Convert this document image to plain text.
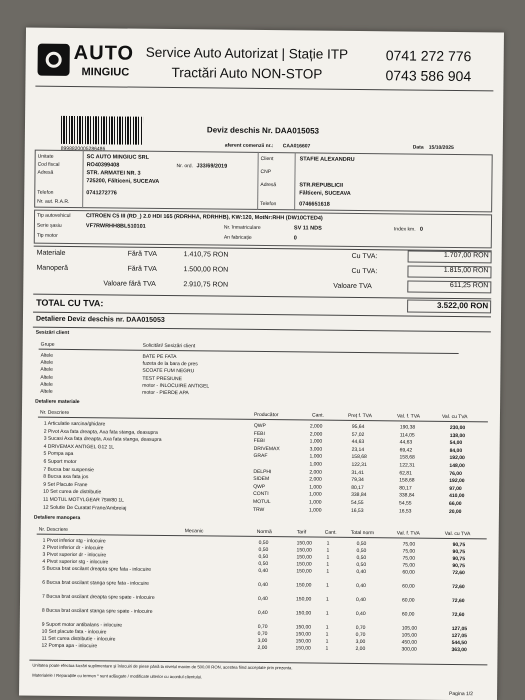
AUTO
MINGIUC
Service Auto Autorizat | Stație ITP
Tractări Auto NON-STOP
0741 272 776
0743 586 904
8998820005286486
Deviz deschis Nr. DAA015053
aferent comenzii nr.: CAA016607	Data 15/10/2025
Unitate	SC AUTO MINGIUC SRL
Cod fiscal	RO40399408	Nr. ord. J33/69/2019
Adresă	STR. ARMATEI NR. 3
725200, Fălticeni, SUCEAVA
Telefon	0741272776
Nr. aut. R.A.R.
Client	STAFIE ALEXANDRU
CNP
Adresă	STR.REPUBLICII
Fălticeni, SUCEAVA
Telefon	0746651618
Tip autovehicul	CITROEN C5 III (RD_) 2.0 HDI 165 (RDRHHA, RDRHHB), KW:120, MotNr:RHH (DW10CTED4)
Serie șasiu	VF7RWRHH8BL510101	Nr. înmatriculare	SV 11 NDS	Index km. 0
Tip motor	An fabricație	0
Materiale	Fără TVA	1.410,75 RON	Cu TVA:	1.707,00 RON
Manoperă	Fără TVA	1.500,00 RON	Cu TVA:	1.815,00 RON
Valoare fără TVA	2.910,75 RON	Valoare TVA	611,25 RON
TOTAL CU TVA:	3.522,00 RON
Detaliere Deviz deschis nr. DAA015053
Sesizări client
Grupe	Solicitări/ Sesizări client
Altele	BATE PE FATA
Altele	fuzeta de la bara de pres
Altele	SCOATE FUM NEGRU
Altele	TEST PRESIUNE
Altele	motor - INLOCUIRE ANTIGEL
Altele	motor - PIERDE APA
Detaliere materiale
Nr. Descriere	Producător	Cant.	Preț f. TVA	Val. f. TVA	Val. cu TVA
1 Articulatie sarcina/ghidare	QWP	2,000	95,64	190,38	230,00
2 Pivot Axa fata dreapta, Axa fata stanga, deasupra	FEBI	2,000	57,02	114,05	138,00
3 Sucasi Axa fata dreapta, Axa fata stanga, deasupra	FEBI	1,000	44,63	44,63	54,00
4 DRIVEMAX ANTIGEL G12 1L	DRIVEMAX	3,000	23,14	69,42	84,00
5 Pompa apa	GRAF	1,000	158,68	158,68	192,00
6 Suport motor	1,000	122,31	122,31	148,00
7 Bucsa bar suspensie	DELPHI	2,000	31,41	62,81	76,00
8 Bucsa axa fata jos	SIDEM	2,000	79,34	158,68	192,00
9 Set Placute Frane	QWP	1,000	80,17	80,17	97,00
10 Set curea de distributie	CONTI	1,000	338,84	338,84	410,00
11 MOTUL MOTYLGEAR 75W80 1L	MOTUL	1,000	54,55	54,55	66,00
12 Solutie De Curatat Frane/Ambreiaj	TRW	1,000	16,53	16,53	20,00
Detaliere manopera
Nr. Descriere	Mecanic	Normă	Tarif	Cant.	Total norm	Val. f. TVA	Val. cu TVA
1 Pivot inferior stg - inlocuire	0,50	150,00	1	0,50	75,00	90,75
2 Pivot inferior dr - inlocuire	0,50	150,00	1	0,50	75,00	90,75
3 Pivot superior dr - inlocuire	0,50	150,00	1	0,50	75,00	90,75
4 Pivot superior stg - inlocuire	0,50	150,00	1	0,50	75,00	90,75
5 Bucsa brat oscilant dreapta spre fata - inlocuire	0,40	150,00	1	0,40	60,00	72,60
6 Bucsa brat oscilant stanga spre fata - inlocuire	0,40	150,00	1	0,40	60,00	72,60
7 Bucsa brat oscilant dreapta spre spate - inlocuire	0,40	150,00	1	0,40	60,00	72,60
8 Bucsa brat oscilant stanga spre spate - inlocuire	0,40	150,00	1	0,40	60,00	72,60
9 Suport motor antibalans - inlocuire	0,70	150,00	1	0,70	105,00	127,05
10 Set placute fata - inlocuire	0,70	150,00	1	0,70	105,00	127,05
11 Set curea distributie - inlocuire	3,00	150,00	1	3,00	450,00	544,50
12 Pompa apa - inlocuire	2,00	150,00	1	2,00	300,00	363,00
Unitatea poate efectua lucrări suplimentare și înlocuiri de piese până la nivelul maxim de 500,00 RON, acestea fiind acceptate prin prezenta.
Materialele / Reparațiile cu termen * sunt adăugate / modificate ulterior cu acordul clientului.
Pagina 1/2
